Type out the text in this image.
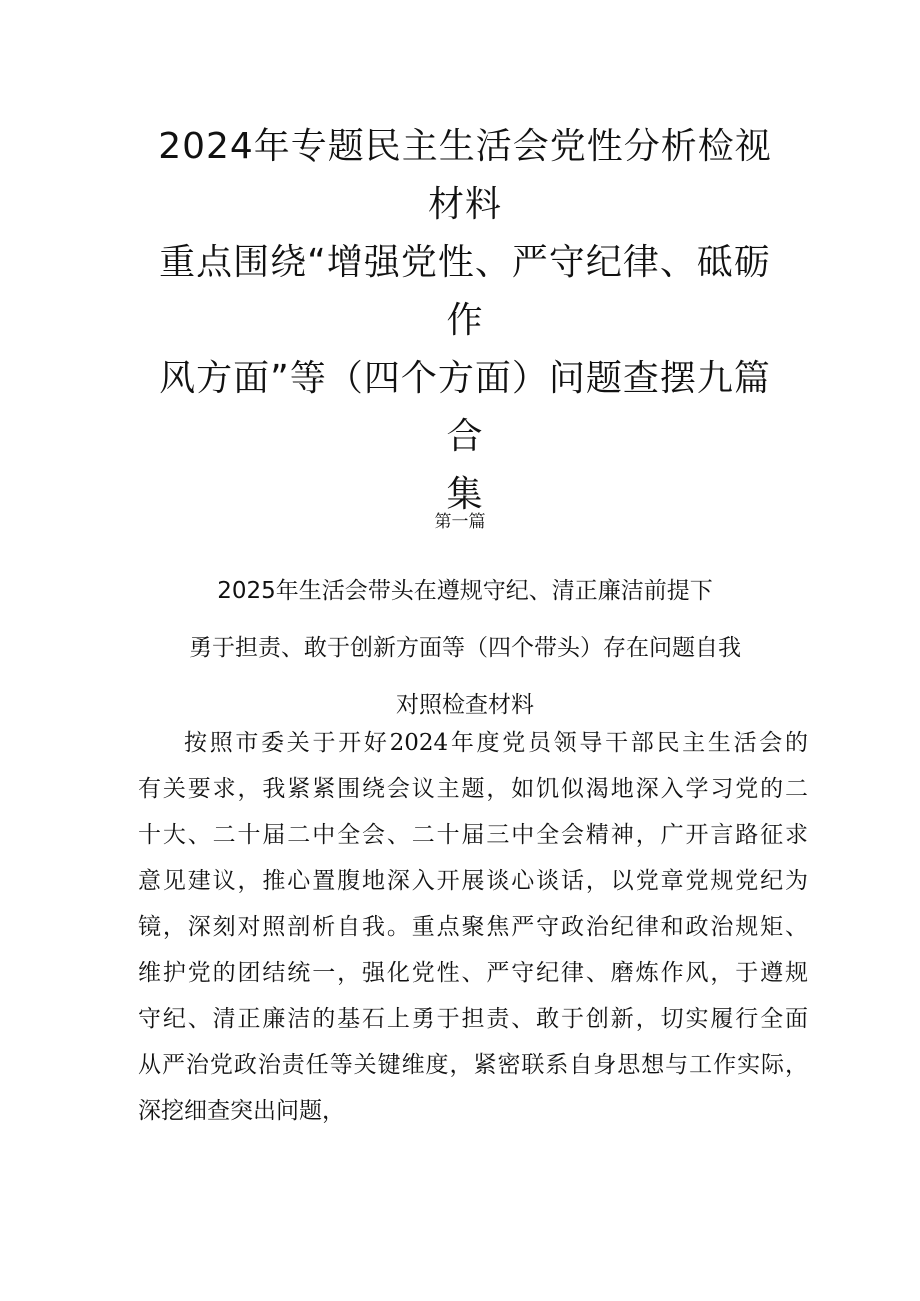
2024年专题民主生活会党性分析检视材料
重点围绕“增强党性、严守纪律、砥砺作
风方面”等（四个方面）问题查摆九篇合
集
第一篇
2025年生活会带头在遵规守纪、清正廉洁前提下
勇于担责、敢于创新方面等（四个带头）存在问题自我
对照检查材料
按照市委关于开好2024年度党员领导干部民主生活会的
有关要求，我紧紧围绕会议主题，如饥似渴地深入学习党的二
十大、二十届二中全会、二十届三中全会精神，广开言路征求
意见建议，推心置腹地深入开展谈心谈话，以党章党规党纪为
镜，深刻对照剖析自我。重点聚焦严守政治纪律和政治规矩、
维护党的团结统一，强化党性、严守纪律、磨炼作风，于遵规
守纪、清正廉洁的基石上勇于担责、敢于创新，切实履行全面
从严治党政治责任等关键维度，紧密联系自身思想与工作实际，
深挖细查突出问题，
